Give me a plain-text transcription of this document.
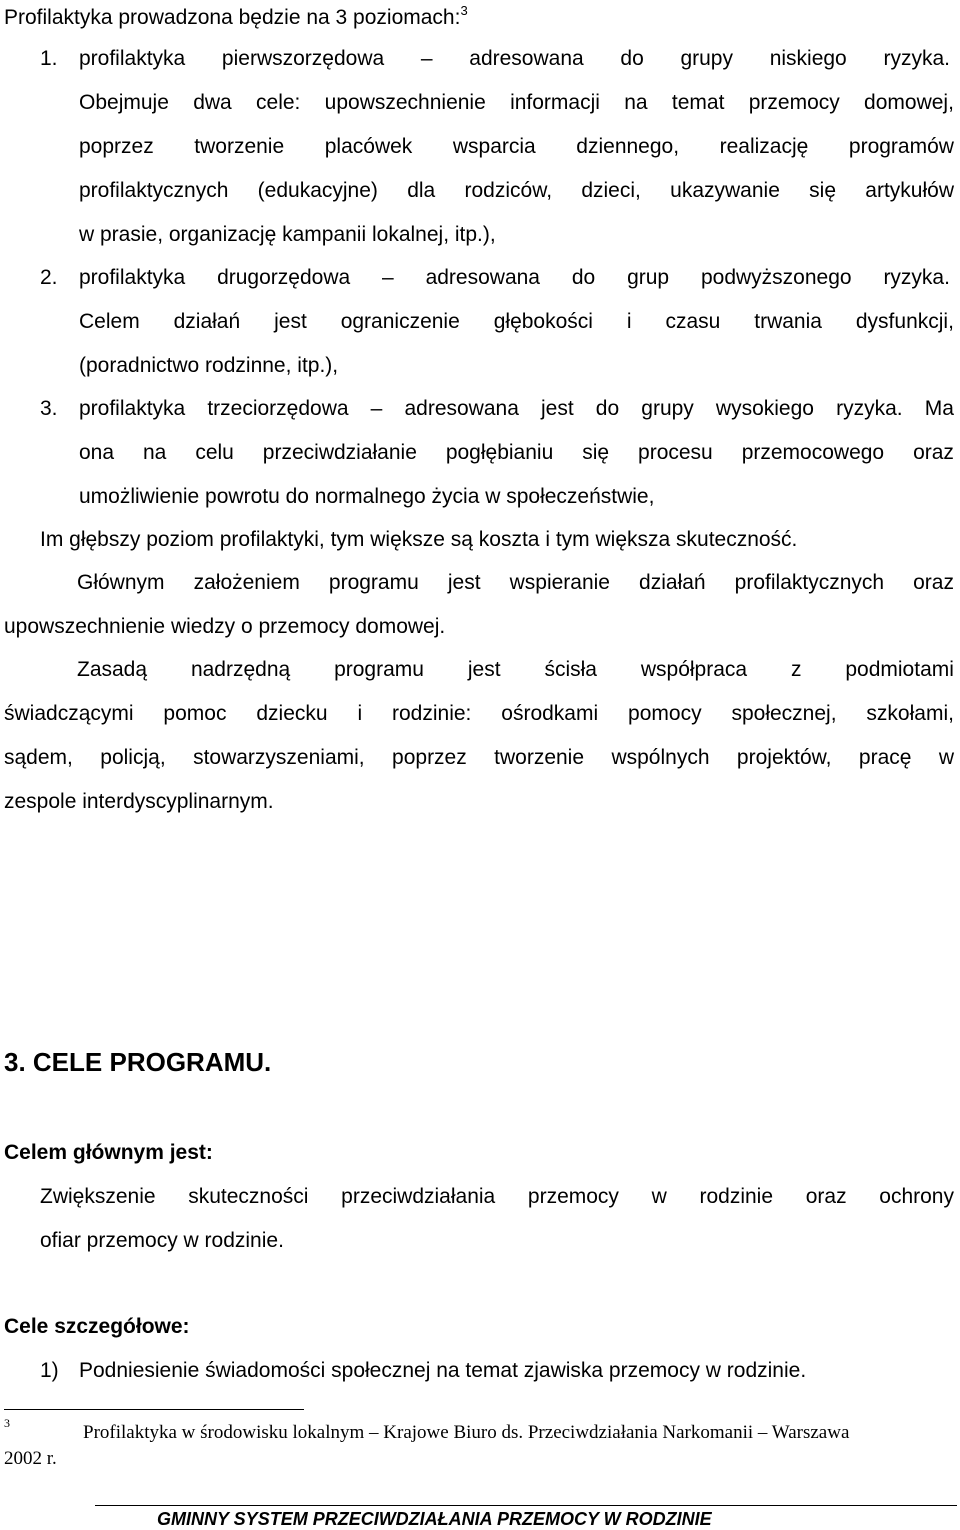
Profilaktyka prowadzona będzie na 3 poziomach:$^3$
1. profilaktyka pierwszorzędowa – adresowana do grupy niskiego ryzyka.
Obejmuje dwa cele: upowszechnienie informacji na temat przemocy domowej,
poprzez tworzenie placówek wsparcia dziennego, realizację programów
profilaktycznych (edukacyjne) dla rodziców, dzieci, ukazywanie się artykułów
w prasie, organizację kampanii lokalnej, itp.),
2. profilaktyka drugorzędowa – adresowana do grup podwyższonego ryzyka.
Celem działań jest ograniczenie głębokości i czasu trwania dysfunkcji,
(poradnictwo rodzinne, itp.),
3. profilaktyka trzeciorzędowa – adresowana jest do grupy wysokiego ryzyka. Ma
ona na celu przeciwdziałanie pogłębianiu się procesu przemocowego oraz
umożliwienie powrotu do normalnego życia w społeczeństwie,
Im głębszy poziom profilaktyki, tym większe są koszta i tym większa skuteczność.
Głównym założeniem programu jest wspieranie działań profilaktycznych oraz
upowszechnienie wiedzy o przemocy domowej.
Zasadą nadrzędną programu jest ścisła współpraca z podmiotami
świadczącymi pomoc dziecku i rodzinie: ośrodkami pomocy społecznej, szkołami,
sądem, policją, stowarzyszeniami, poprzez tworzenie wspólnych projektów, pracę w
zespole interdyscyplinarnym.
3. CELE PROGRAMU.
Celem głównym jest:
Zwiększenie skuteczności przeciwdziałania przemocy w rodzinie oraz ochrony
ofiar przemocy w rodzinie.
Cele szczegółowe:
1) Podniesienie świadomości społecznej na temat zjawiska przemocy w rodzinie.
3	Profilaktyka w środowisku lokalnym – Krajowe Biuro ds. Przeciwdziałania Narkomanii – Warszawa
2002 r.
GMINNY SYSTEM PRZECIWDZIAŁANIA PRZEMOCY W RODZINIE
